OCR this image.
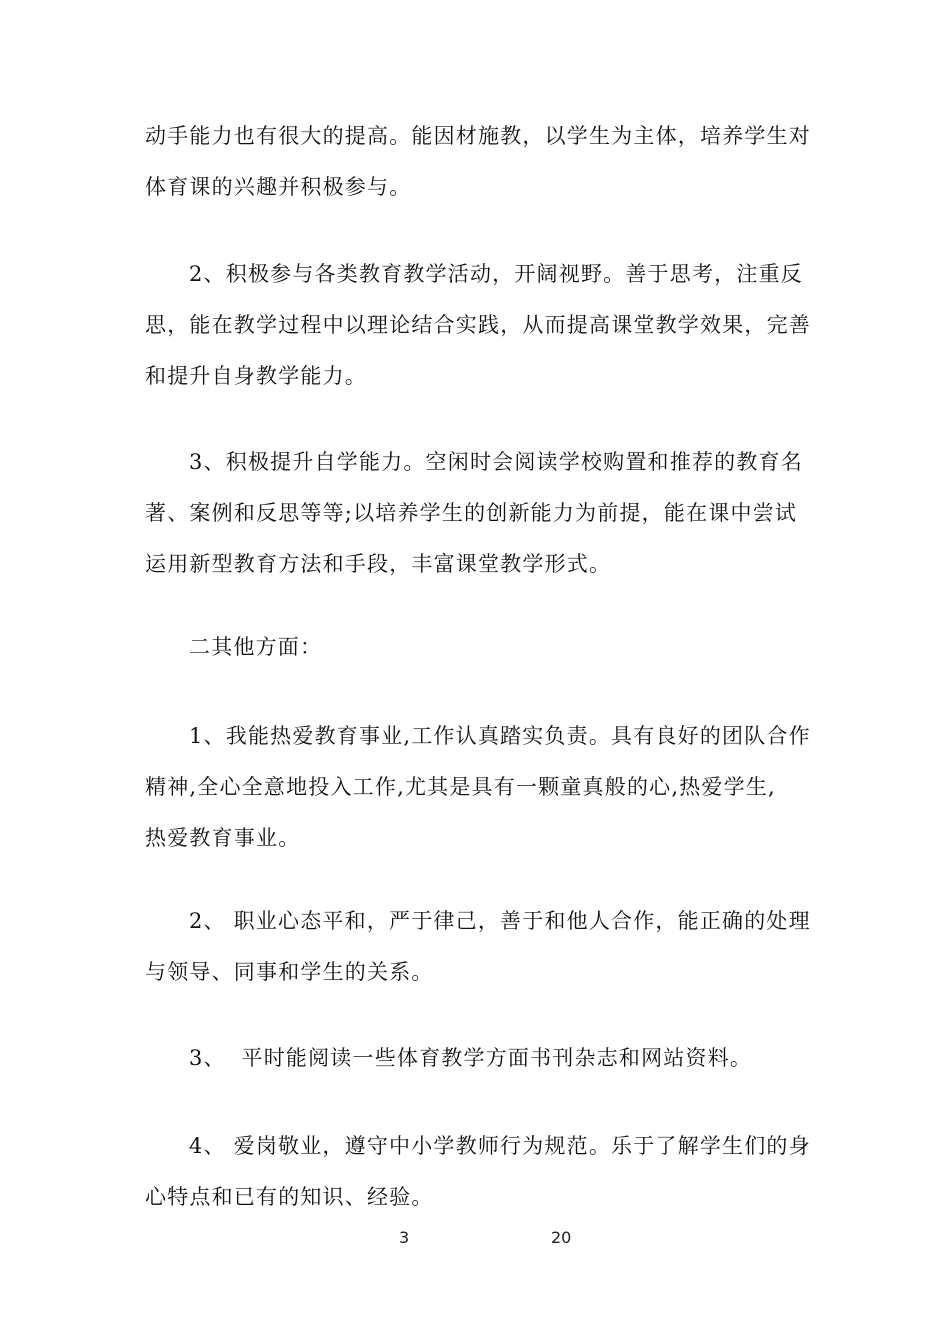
动手能力也有很大的提高。能因材施教，以学生为主体，培养学生对
体育课的兴趣并积极参与。
2、积极参与各类教育教学活动，开阔视野。善于思考，注重反
思，能在教学过程中以理论结合实践，从而提高课堂教学效果，完善
和提升自身教学能力。
3、积极提升自学能力。空闲时会阅读学校购置和推荐的教育名
著、案例和反思等等;以培养学生的创新能力为前提，能在课中尝试
运用新型教育方法和手段，丰富课堂教学形式。
二其他方面：
1、我能热爱教育事业,工作认真踏实负责。具有良好的团队合作
精神,全心全意地投入工作,尤其是具有一颗童真般的心,热爱学生,
热爱教育事业。
2、 职业心态平和，严于律己，善于和他人合作，能正确的处理
与领导、同事和学生的关系。
3、  平时能阅读一些体育教学方面书刊杂志和网站资料。
4、 爱岗敬业，遵守中小学教师行为规范。乐于了解学生们的身
心特点和已有的知识、经验。
3	20
